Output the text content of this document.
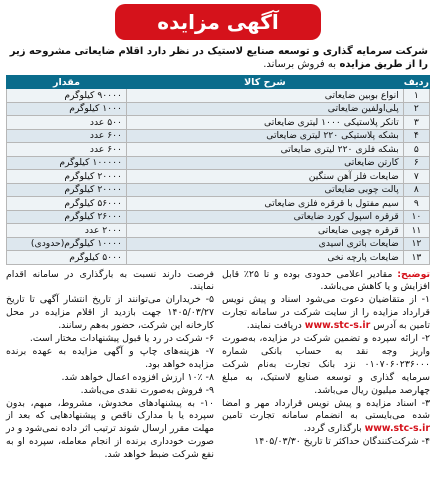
آگهی مزایده
شرکت سرمایه گذاری و توسعه صنایع لاستیک در نظر دارد اقلام ضایعاتی مشروحه زیر را از طریق مزایده به فروش برساند.
ردیف	شرح کالا	مقدار
۱	انواع بوبین ضایعاتی	۹۰۰۰۰ کیلوگرم
۲	پلی‌اولفین ضایعاتی	۱۰۰۰ کیلوگرم
۳	تانکر پلاستیکی ۱۰۰۰ لیتری ضایعاتی	۵۰۰ عدد
۴	بشکه پلاستیکی ۲۲۰ لیتری ضایعاتی	۶۰۰ عدد
۵	بشکه فلزی ۲۲۰ لیتری ضایعاتی	۶۰۰ عدد
۶	کارتن ضایعاتی	۱۰۰۰۰۰ کیلوگرم
۷	ضایعات فلز آهن سنگین	۲۰۰۰۰ کیلوگرم
۸	پالت چوبی ضایعاتی	۲۰۰۰۰ کیلوگرم
۹	سیم مفتول با قرقره فلزی ضایعاتی	۵۶۰۰۰ کیلوگرم
۱۰	قرقره اسپول کورد ضایعاتی	۲۶۰۰۰ کیلوگرم
۱۱	قرقره چوبی ضایعاتی	۲۰۰۰ عدد
۱۲	ضایعات باتری اسیدی	۱۰۰۰۰ کیلوگرم(حدودی)
۱۳	ضایعات پارچه نخی	۵۰۰۰ کیلوگرم

توضیح: مقادیر اعلامی حدودی بوده و تا ۲۵٪ قابل افزایش و یا کاهش می‌باشد.

۱- از متقاضیان دعوت می‌شود اسناد و پیش نویس قرارداد مزایده را از سایت شرکت در سامانه تجارت تامین به آدرس www.stc-s.ir دریافت نمایند.

۲- ارائه سپرده و تضمین شرکت در مزایده، به‌صورت واریز وجه نقد به حساب بانکی شماره ۰۱۰۷۰۶۰۲۳۶۰۰۰ نزد بانک تجارت به‌نام شرکت سرمایه گذاری و توسعه صنایع لاستیک، به مبلغ چهارصد میلیون ریال می‌باشد.

۳- اسناد مزایده و پیش نویس قرارداد مهر و امضا شده می‌بایستی به انضمام سامانه تجارت تامین www.stc-s.ir بارگذاری گردد.

۴- شرکت‌کنندگان حداکثر تا تاریخ ۱۴۰۵/۰۳/۳۰

فرصت دارند نسبت به بارگذاری در سامانه اقدام نمایند.

۵- خریداران می‌توانند از تاریخ انتشار آگهی تا تاریخ ۱۴۰۵/۰۳/۲۷ جهت بازدید از اقلام مزایده در محل کارخانه این شرکت، حضور به‌هم رسانند.

۶- شرکت در رد یا قبول پیشنهادات مختار است.

۷- هزینه‌های چاپ و آگهی مزایده به عهده برنده مزایده خواهد بود.

۸- ۱۰٪ ارزش افزوده اعمال خواهد شد.

۹- فروش به‌صورت نقدی می‌باشد.

۱۰- به پیشنهادهای مخدوش، مشروط، مبهم، بدون سپرده یا با مدارک ناقص و پیشنهادهایی که بعد از مهلت مقرر ارسال شوند ترتیب اثر داده نمی‌شود و در صورت خودداری برنده از انجام معامله، سپرده او به نفع شرکت ضبط خواهد شد.
